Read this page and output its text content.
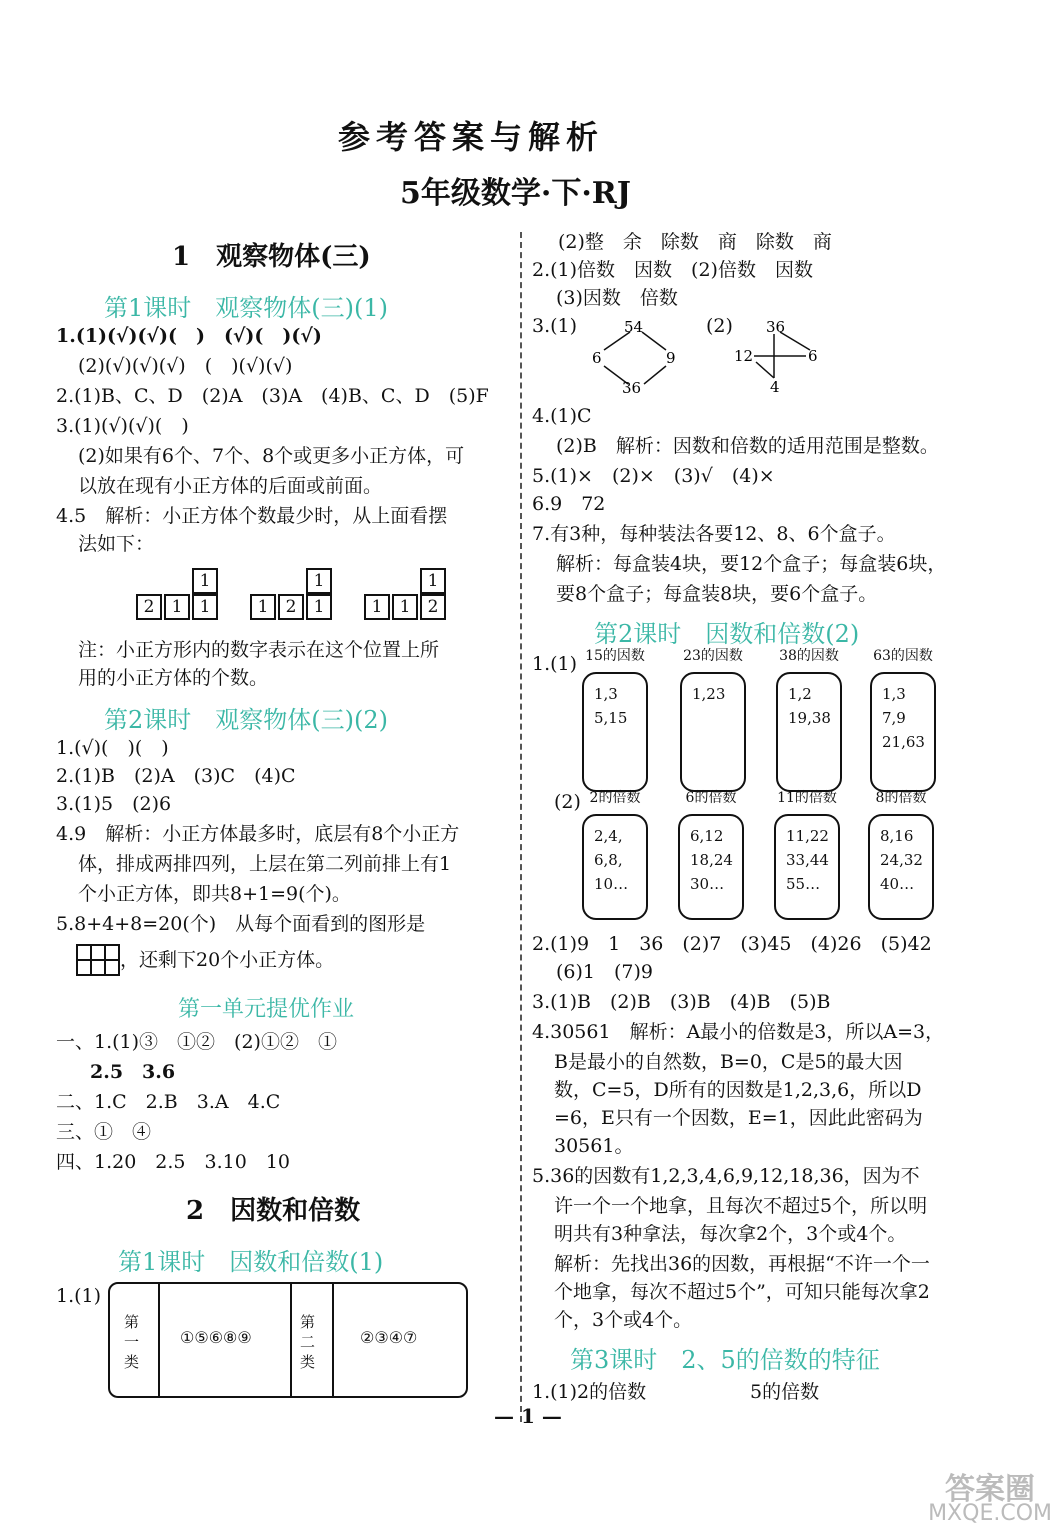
参考答案与解析
5年级数学·下·RJ
1　观察物体(三)
第1课时　观察物体(三)(1)
1.(1)(√)(√)(　)　(√)(　)(√)
(2)(√)(√)(√)　(　)(√)(√)
2.(1)B、C、D　(2)A　(3)A　(4)B、C、D　(5)F
3.(1)(√)(√)(　)
(2)如果有6个、7个、8个或更多小正方体，可
以放在现有小正方体的后面或前面。
4.5　解析：小正方体个数最少时，从上面看摆
法如下：
1
2	1	1
1
1	2	1
1
1	1	2
注：小正方形内的数字表示在这个位置上所
用的小正方体的个数。
第2课时　观察物体(三)(2)
1.(√)(　)(　)
2.(1)B　(2)A　(3)C　(4)C
3.(1)5　(2)6
4.9　解析：小正方体最多时，底层有8个小正方
体，排成两排四列，上层在第二列前排上有1
个小正方体，即共8+1=9(个)。
5.8+4+8=20(个)　从每个面看到的图形是
，还剩下20个小正方体。
第一单元提优作业
一、1.(1)③　①②　(2)①②　①
2.5　3.6
二、1.C　2.B　3.A　4.C
三、①　④
四、1.20　2.5　3.10　10
2　因数和倍数
第1课时　因数和倍数(1)
1.(1)
第一类
①⑤⑥⑧⑨
第二类
②③④⑦
(2)整　余　除数　商　除数　商
2.(1)倍数　因数　(2)倍数　因数
(3)因数　倍数
3.(1)	(2)
54
6	9
36
36
12	6
4
4.(1)C
(2)B　解析：因数和倍数的适用范围是整数。
5.(1)×　(2)×　(3)√　(4)×
6.9　72
7.有3种，每种装法各要12、8、6个盒子。
解析：每盒装4块，要12个盒子；每盒装6块，
要8个盒子；每盒装8块，要6个盒子。
第2课时　因数和倍数(2)
1.(1) 15的因数
1,3
5,15
23的因数
1,23
38的因数
1,2
19,38
63的因数
1,3
7,9
21,63
(2) 2的倍数
2,4,
6,8,
10…
6的倍数
6,12
18,24
30…
11的倍数
11,22
33,44
55…
8的倍数
8,16
24,32
40…
2.(1)9　1　36　(2)7　(3)45　(4)26　(5)42
(6)1　(7)9
3.(1)B　(2)B　(3)B　(4)B　(5)B
4.30561　解析：A最小的倍数是3，所以A=3，
B是最小的自然数，B=0，C是5的最大因
数，C=5，D所有的因数是1,2,3,6，所以D
=6，E只有一个因数，E=1，因此此密码为
30561。
5.36的因数有1,2,3,4,6,9,12,18,36，因为不
许一个一个地拿，且每次不超过5个，所以明
明共有3种拿法，每次拿2个，3个或4个。
解析：先找出36的因数，再根据“不许一个一
个地拿，每次不超过5个”，可知只能每次拿2
个，3个或4个。
第3课时　2、5的倍数的特征
1.(1)2的倍数	5的倍数
— 1 —
答案圈
MXQE.COM
